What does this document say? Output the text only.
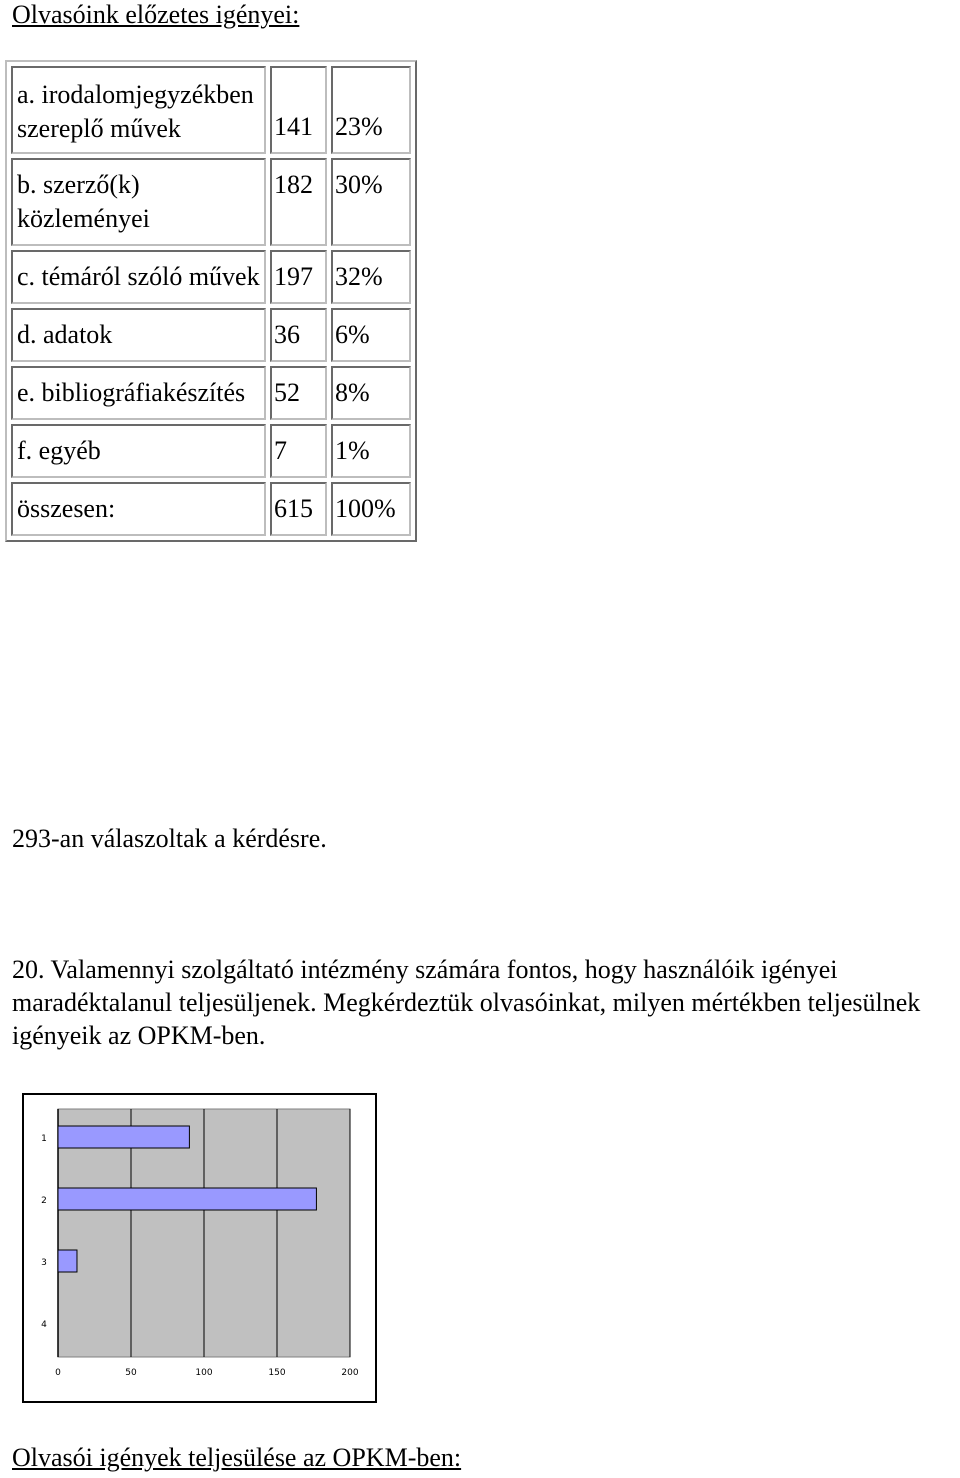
Olvasóink előzetes igényei:
a. irodalomjegyzékben szereplő művek	141	23%
b. szerző(k) közleményei	182	30%
c. témáról szóló művek	197	32%
d. adatok	36	6%
e. bibliográfiakészítés	52	8%
f. egyéb	7	1%
összesen:	615	100%
293-an válaszoltak a kérdésre.
20. Valamennyi szolgáltató intézmény számára fontos, hogy használóik igényei maradéktalanul teljesüljenek. Megkérdeztük olvasóinkat, milyen mértékben teljesülnek igényeik az OPKM-ben.
0	50	100	150	200
1
2
3
4
Olvasói igények teljesülése az OPKM-ben:
